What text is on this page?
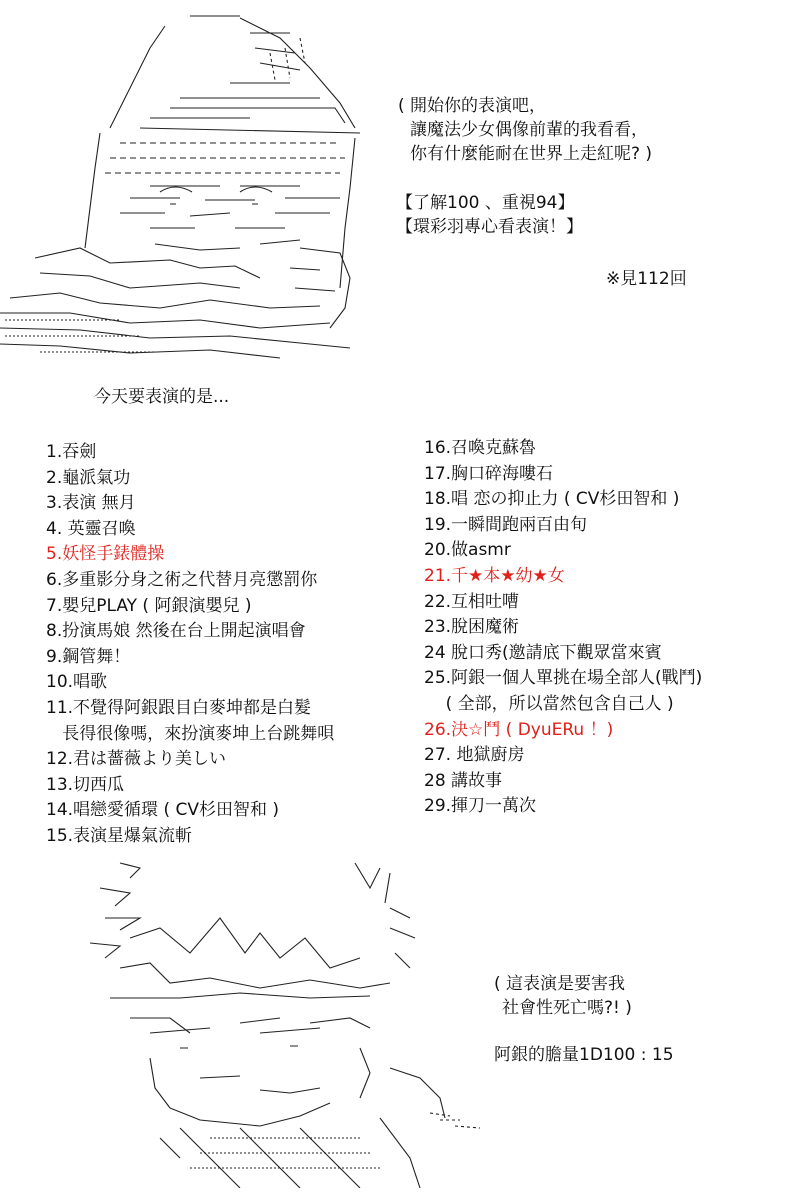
( 開始你的表演吧，
讓魔法少女偶像前輩的我看看，
你有什麼能耐在世界上走紅呢? )
【了解100 、重視94】
【環彩羽專心看表演！】
※見112回
今天要表演的是...
1.吞劍
2.龜派氣功
3.表演 無月
4. 英靈召喚
5.妖怪手錶體操
6.多重影分身之術之代替月亮懲罰你
7.嬰兒PLAY ( 阿銀演嬰兒 )
8.扮演馬娘 然後在台上開起演唱會
9.鋼管舞！
10.唱歌
11.不覺得阿銀跟目白麥坤都是白髮
長得很像嗎，來扮演麥坤上台跳舞唄
12.君は薔薇より美しい
13.切西瓜
14.唱戀愛循環 ( CV杉田智和 )
15.表演星爆氣流斬
16.召喚克蘇魯
17.胸口碎海嘍石
18.唱 恋の抑止力 ( CV杉田智和 )
19.一瞬間跑兩百由旬
20.做asmr
21.千★本★幼★女
22.互相吐嘈
23.脫困魔術
24 脫口秀(邀請底下觀眾當來賓
25.阿銀一個人單挑在場全部人(戰鬥)
( 全部，所以當然包含自己人 )
26.決☆鬥 ( DyuERu ！)
27. 地獄廚房
28 講故事
29.揮刀一萬次
( 這表演是要害我
社會性死亡嗎?! )
阿銀的膽量1D100 : 15
